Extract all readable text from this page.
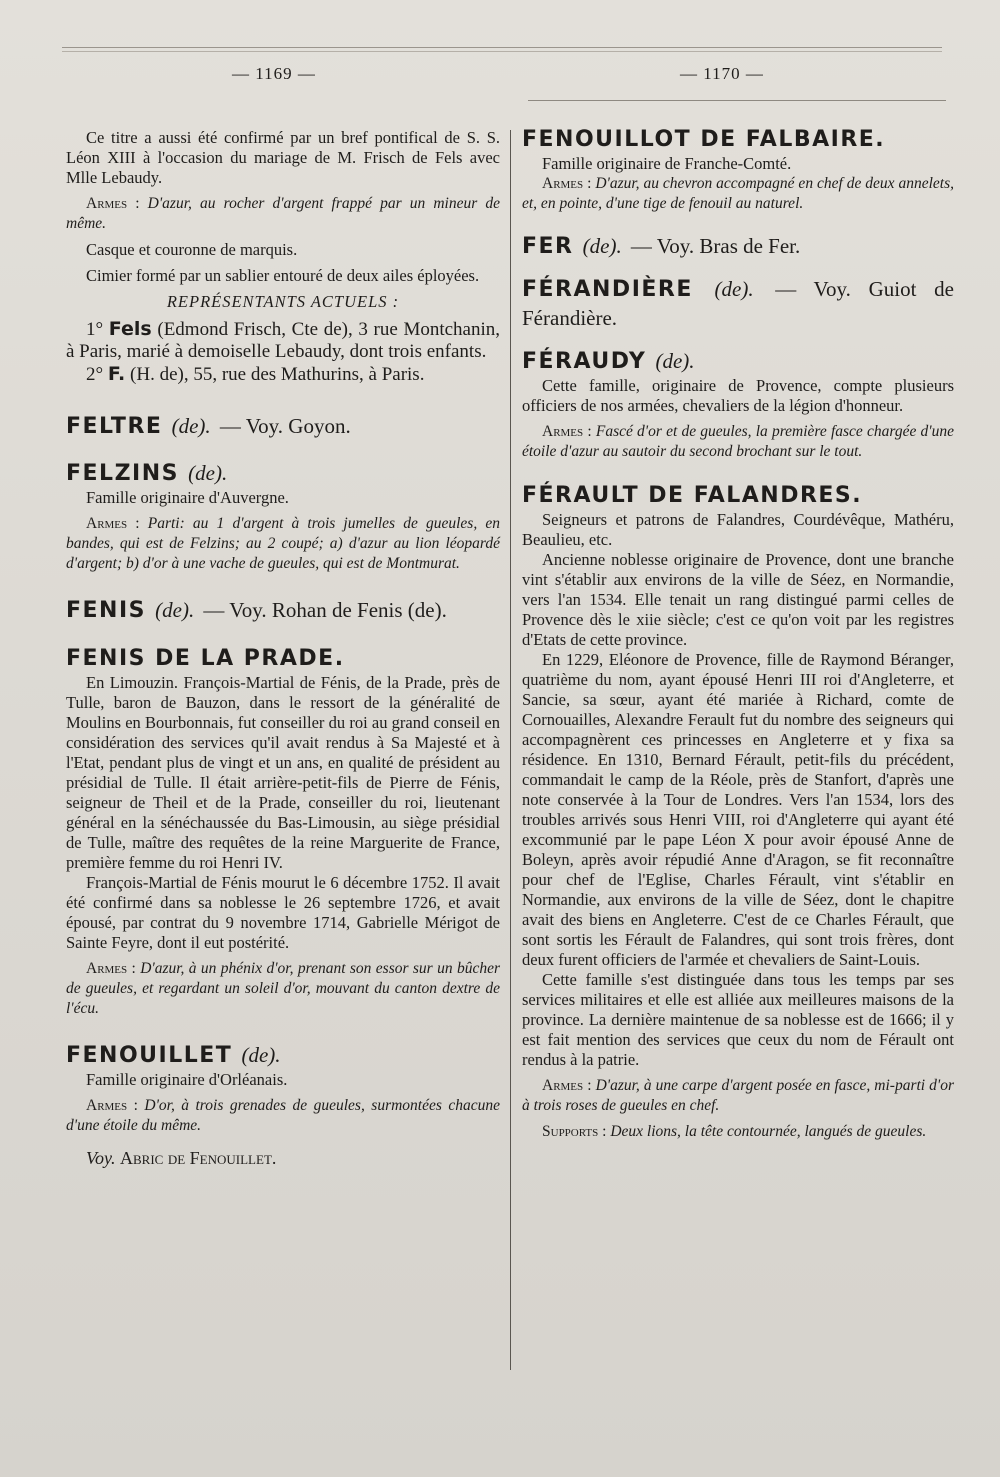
— 1169 —	— 1170 —

Ce titre a aussi été confirmé par un bref pontifical de S. S. Léon XIII à l'occasion du mariage de M. Frisch de Fels avec Mlle Lebaudy.

Armes : D'azur, au rocher d'argent frappé par un mineur de même.

Casque et couronne de marquis.

Cimier formé par un sablier entouré de deux ailes éployées.

REPRÉSENTANTS ACTUELS :

1° Fels (Edmond Frisch, Cte de), 3 rue Montchanin, à Paris, marié à demoiselle Lebaudy, dont trois enfants.

2° F. (H. de), 55, rue des Mathurins, à Paris.

FELTRE (de). — Voy. Goyon.

FELZINS (de).

Famille originaire d'Auvergne.

Armes : Parti: au 1 d'argent à trois jumelles de gueules, en bandes, qui est de Felzins; au 2 coupé; a) d'azur au lion léopardé d'argent; b) d'or à une vache de gueules, qui est de Montmurat.

FENIS (de). — Voy. Rohan de Fenis (de).

FENIS DE LA PRADE.

En Limouzin. François-Martial de Fénis, de la Prade, près de Tulle, baron de Bauzon, dans le ressort de la généralité de Moulins en Bourbonnais, fut conseiller du roi au grand conseil en considération des services qu'il avait rendus à Sa Majesté et à l'Etat, pendant plus de vingt et un ans, en qualité de président au présidial de Tulle. Il était arrière-petit-fils de Pierre de Fénis, seigneur de Theil et de la Prade, conseiller du roi, lieutenant général en la sénéchaussée du Bas-Limousin, au siège présidial de Tulle, maître des requêtes de la reine Marguerite de France, première femme du roi Henri IV.

François-Martial de Fénis mourut le 6 décembre 1752. Il avait été confirmé dans sa noblesse le 26 septembre 1726, et avait épousé, par contrat du 9 novembre 1714, Gabrielle Mérigot de Sainte Feyre, dont il eut postérité.

Armes : D'azur, à un phénix d'or, prenant son essor sur un bûcher de gueules, et regardant un soleil d'or, mouvant du canton dextre de l'écu.

FENOUILLET (de).

Famille originaire d'Orléanais.

Armes : D'or, à trois grenades de gueules, surmontées chacune d'une étoile du même.

Voy. Abric de Fenouillet.

FENOUILLOT DE FALBAIRE.

Famille originaire de Franche-Comté.

Armes : D'azur, au chevron accompagné en chef de deux annelets, et, en pointe, d'une tige de fenouil au naturel.

FER (de). — Voy. Bras de Fer.

FÉRANDIÈRE (de). — Voy. Guiot de Férandière.

FÉRAUDY (de).

Cette famille, originaire de Provence, compte plusieurs officiers de nos armées, chevaliers de la légion d'honneur.

Armes : Fascé d'or et de gueules, la première fasce chargée d'une étoile d'azur au sautoir du second brochant sur le tout.

FÉRAULT DE FALANDRES.

Seigneurs et patrons de Falandres, Courdévêque, Mathéru, Beaulieu, etc.

Ancienne noblesse originaire de Provence, dont une branche vint s'établir aux environs de la ville de Séez, en Normandie, vers l'an 1534. Elle tenait un rang distingué parmi celles de Provence dès le xiie siècle; c'est ce qu'on voit par les registres d'Etats de cette province.

En 1229, Eléonore de Provence, fille de Raymond Béranger, quatrième du nom, ayant épousé Henri III roi d'Angleterre, et Sancie, sa sœur, ayant été mariée à Richard, comte de Cornouailles, Alexandre Ferault fut du nombre des seigneurs qui accompagnèrent ces princesses en Angleterre et y fixa sa résidence. En 1310, Bernard Férault, petit-fils du précédent, commandait le camp de la Réole, près de Stanfort, d'après une note conservée à la Tour de Londres. Vers l'an 1534, lors des troubles arrivés sous Henri VIII, roi d'Angleterre qui ayant été excommunié par le pape Léon X pour avoir épousé Anne de Boleyn, après avoir répudié Anne d'Aragon, se fit reconnaître pour chef de l'Eglise, Charles Férault, vint s'établir en Normandie, aux environs de la ville de Séez, dont le chapitre avait des biens en Angleterre. C'est de ce Charles Férault, que sont sortis les Férault de Falandres, qui sont trois frères, dont deux furent officiers de l'armée et chevaliers de Saint-Louis.

Cette famille s'est distinguée dans tous les temps par ses services militaires et elle est alliée aux meilleures maisons de la province. La dernière maintenue de sa noblesse est de 1666; il y est fait mention des services que ceux du nom de Férault ont rendus à la patrie.

Armes : D'azur, à une carpe d'argent posée en fasce, mi-parti d'or à trois roses de gueules en chef.

Supports : Deux lions, la tête contournée, langués de gueules.
